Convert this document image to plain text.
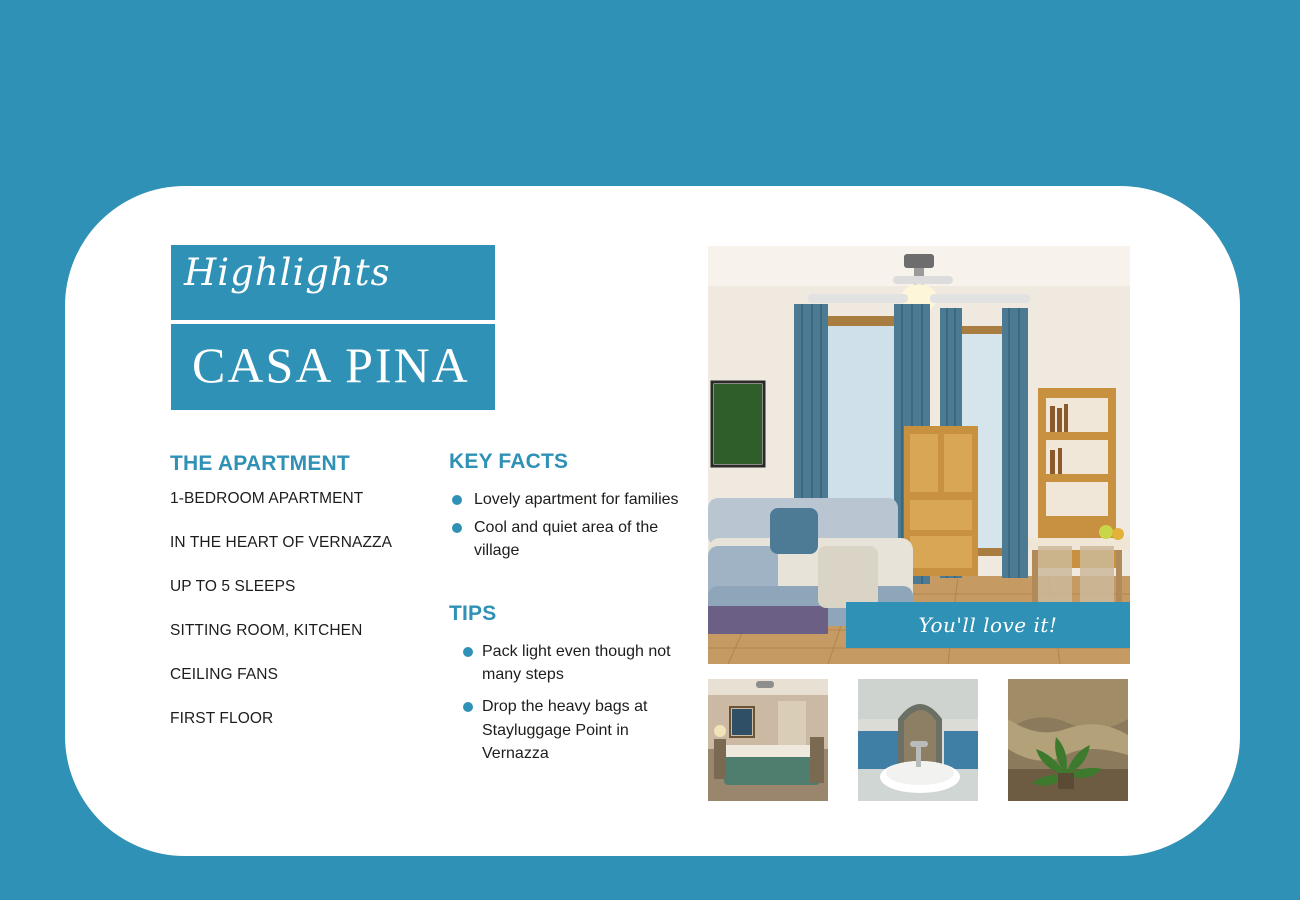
Highlights
CASA PINA
THE APARTMENT
1-BEDROOM APARTMENT
IN THE HEART OF VERNAZZA
UP TO 5 SLEEPS
SITTING ROOM, KITCHEN
CEILING FANS
FIRST FLOOR
KEY FACTS
Lovely apartment for families
Cool and quiet area of the village
TIPS
Pack light even though not many steps
Drop the heavy bags at Stayluggage Point in Vernazza
You'll love it!
